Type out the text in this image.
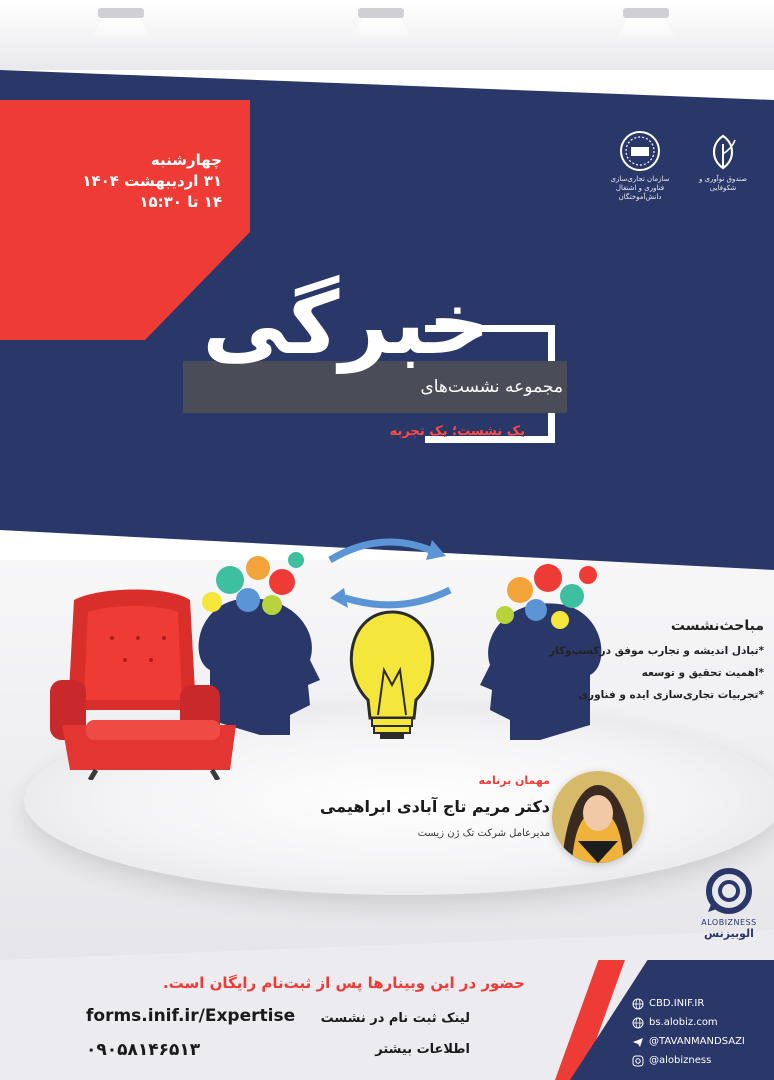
چهارشنبه
۳۱ اردیبهشت ۱۴۰۴
۱۴ تا ۱۵:۳۰
سازمان تجاری‌سازی فناوری و اشتغال دانش‌آموختگان
صندوق نوآوری و شکوفایی
خبرگی
مجموعه نشست‌های
یک نشست؛ یک تجربه
مباحث‌نشست
*تبادل اندیشه و تجارب موفق درکسب‌وکار
*اهمیت تحقیق و توسعه
*تجربیات تجاری‌سازی ایده و فناوری
مهمان برنامه
دکتر مریم تاج آبادی ابراهیمی
مدیرعامل شرکت تک ژن زیست
ALOBIZNESS
الوبیزنس
حضور در این وبینارها پس از ثبت‌نام رایگان است.
لینک ثبت نام در نشست
forms.inif.ir/Expertise
اطلاعات بیشتر
۰۹۰۵۸۱۴۶۵۱۳
CBD.INIF.IR
bs.alobiz.com
@TAVANMANDSAZI
@alobizness
